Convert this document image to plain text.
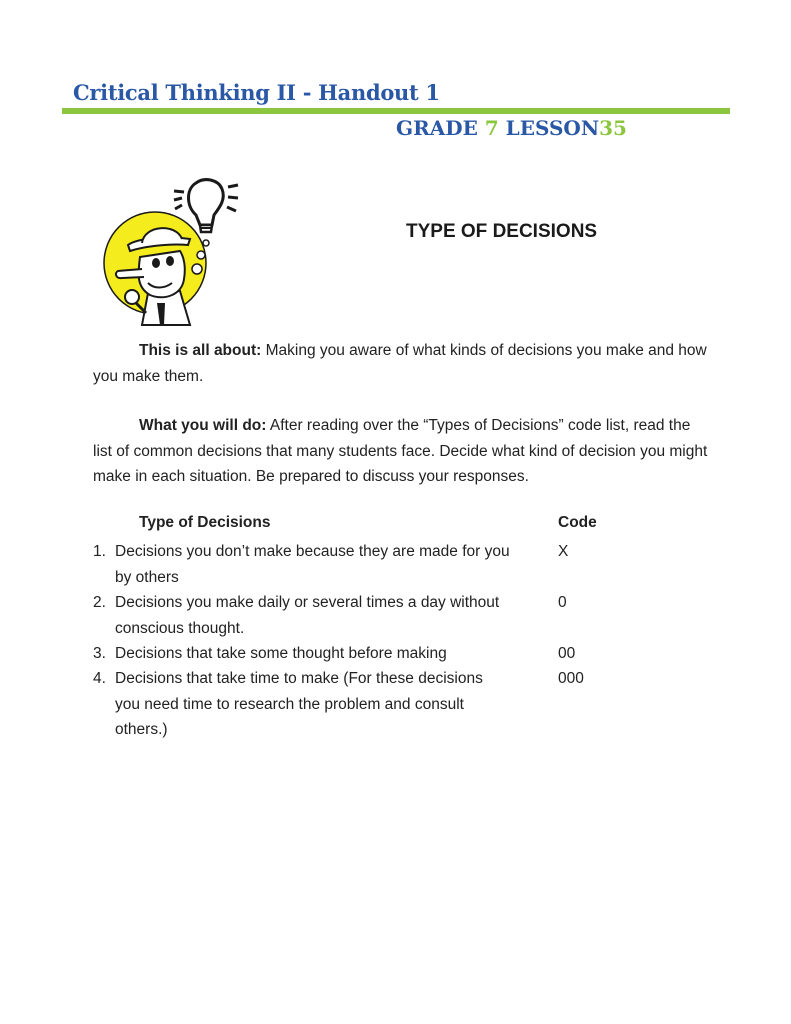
Critical Thinking II - Handout 1
GRADE 7 LESSON35
TYPE OF DECISIONS

This is all about: Making you aware of what kinds of decisions you make and how you make them.

What you will do: After reading over the “Types of Decisions” code list, read the list of common decisions that many students face. Decide what kind of decision you might make in each situation. Be prepared to discuss your responses.

Type of Decisions	Code
1. Decisions you don’t make because they are made for you by others
X
2. Decisions you make daily or several times a day without conscious thought.
0
3. Decisions that take some thought before making	00
4. Decisions that take time to make (For these decisions you need time to research the problem and consult others.)
000
